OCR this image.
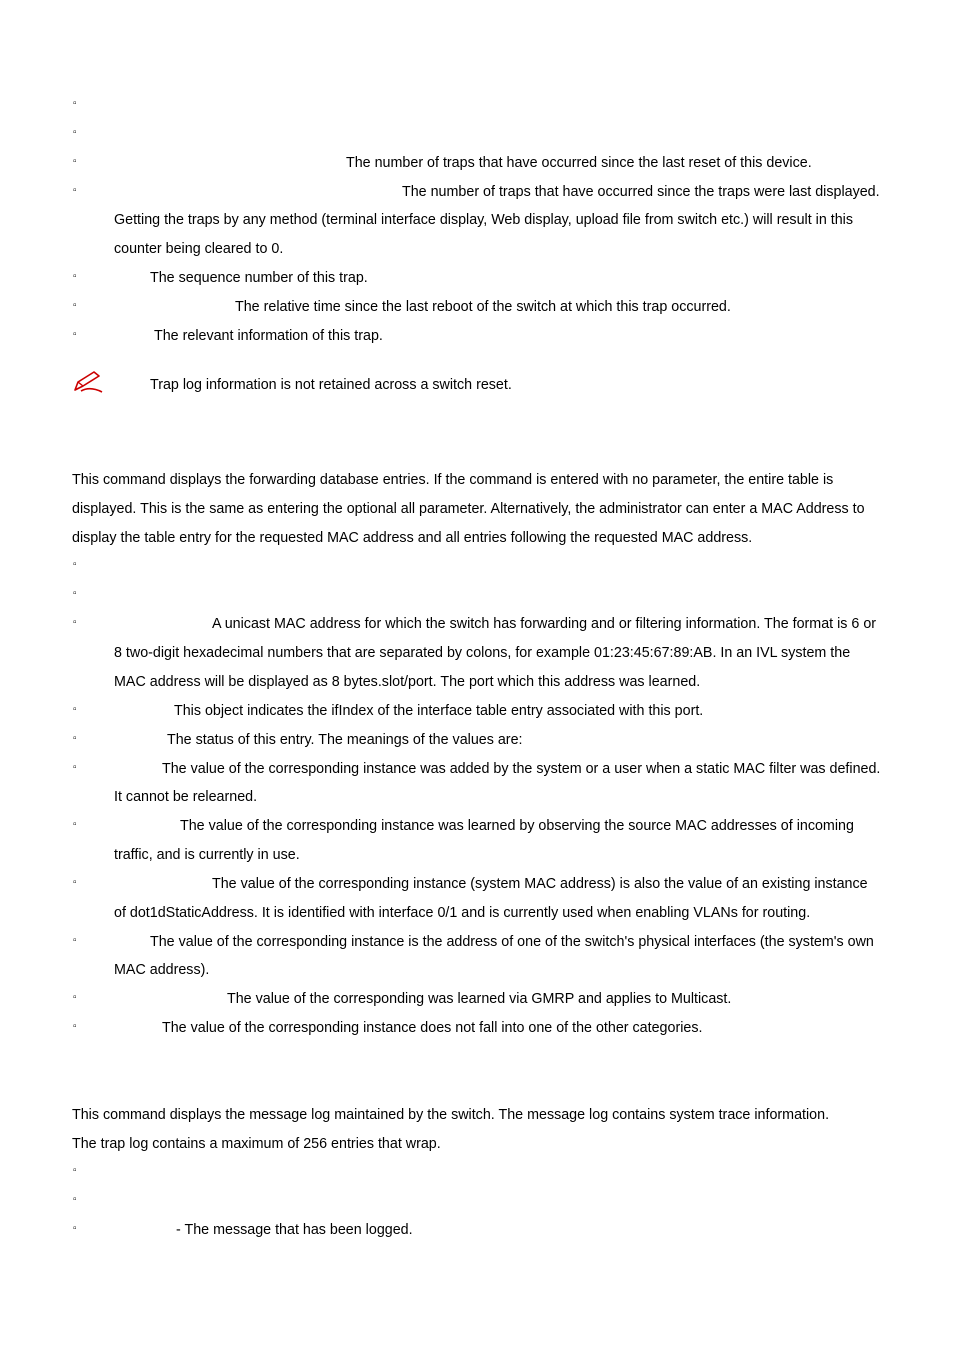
▫
▫
▫	The number of traps that have occurred since the last reset of this device.
▫	The number of traps that have occurred since the traps were last displayed.
Getting the traps by any method (terminal interface display, Web display, upload file from switch etc.) will result in this
counter being cleared to 0.
▫	The sequence number of this trap.
▫	The relative time since the last reboot of the switch at which this trap occurred.
▫	The relevant information of this trap.
Trap log information is not retained across a switch reset.
This command displays the forwarding database entries. If the command is entered with no parameter, the entire table is
displayed. This is the same as entering the optional all parameter. Alternatively, the administrator can enter a MAC Address to
display the table entry for the requested MAC address and all entries following the requested MAC address.
▫
▫
▫	A unicast MAC address for which the switch has forwarding and or filtering information. The format is 6 or
8 two-digit hexadecimal numbers that are separated by colons, for example 01:23:45:67:89:AB. In an IVL system the
MAC address will be displayed as 8 bytes.slot/port. The port which this address was learned.
▫	This object indicates the ifIndex of the interface table entry associated with this port.
▫	The status of this entry. The meanings of the values are:
▫	The value of the corresponding instance was added by the system or a user when a static MAC filter was defined.
It cannot be relearned.
▫	The value of the corresponding instance was learned by observing the source MAC addresses of incoming
traffic, and is currently in use.
▫	The value of the corresponding instance (system MAC address) is also the value of an existing instance
of dot1dStaticAddress. It is identified with interface 0/1 and is currently used when enabling VLANs for routing.
▫	The value of the corresponding instance is the address of one of the switch's physical interfaces (the system's own
MAC address).
▫	The value of the corresponding was learned via GMRP and applies to Multicast.
▫	The value of the corresponding instance does not fall into one of the other categories.
This command displays the message log maintained by the switch. The message log contains system trace information.
The trap log contains a maximum of 256 entries that wrap.
▫
▫
▫	- The message that has been logged.
